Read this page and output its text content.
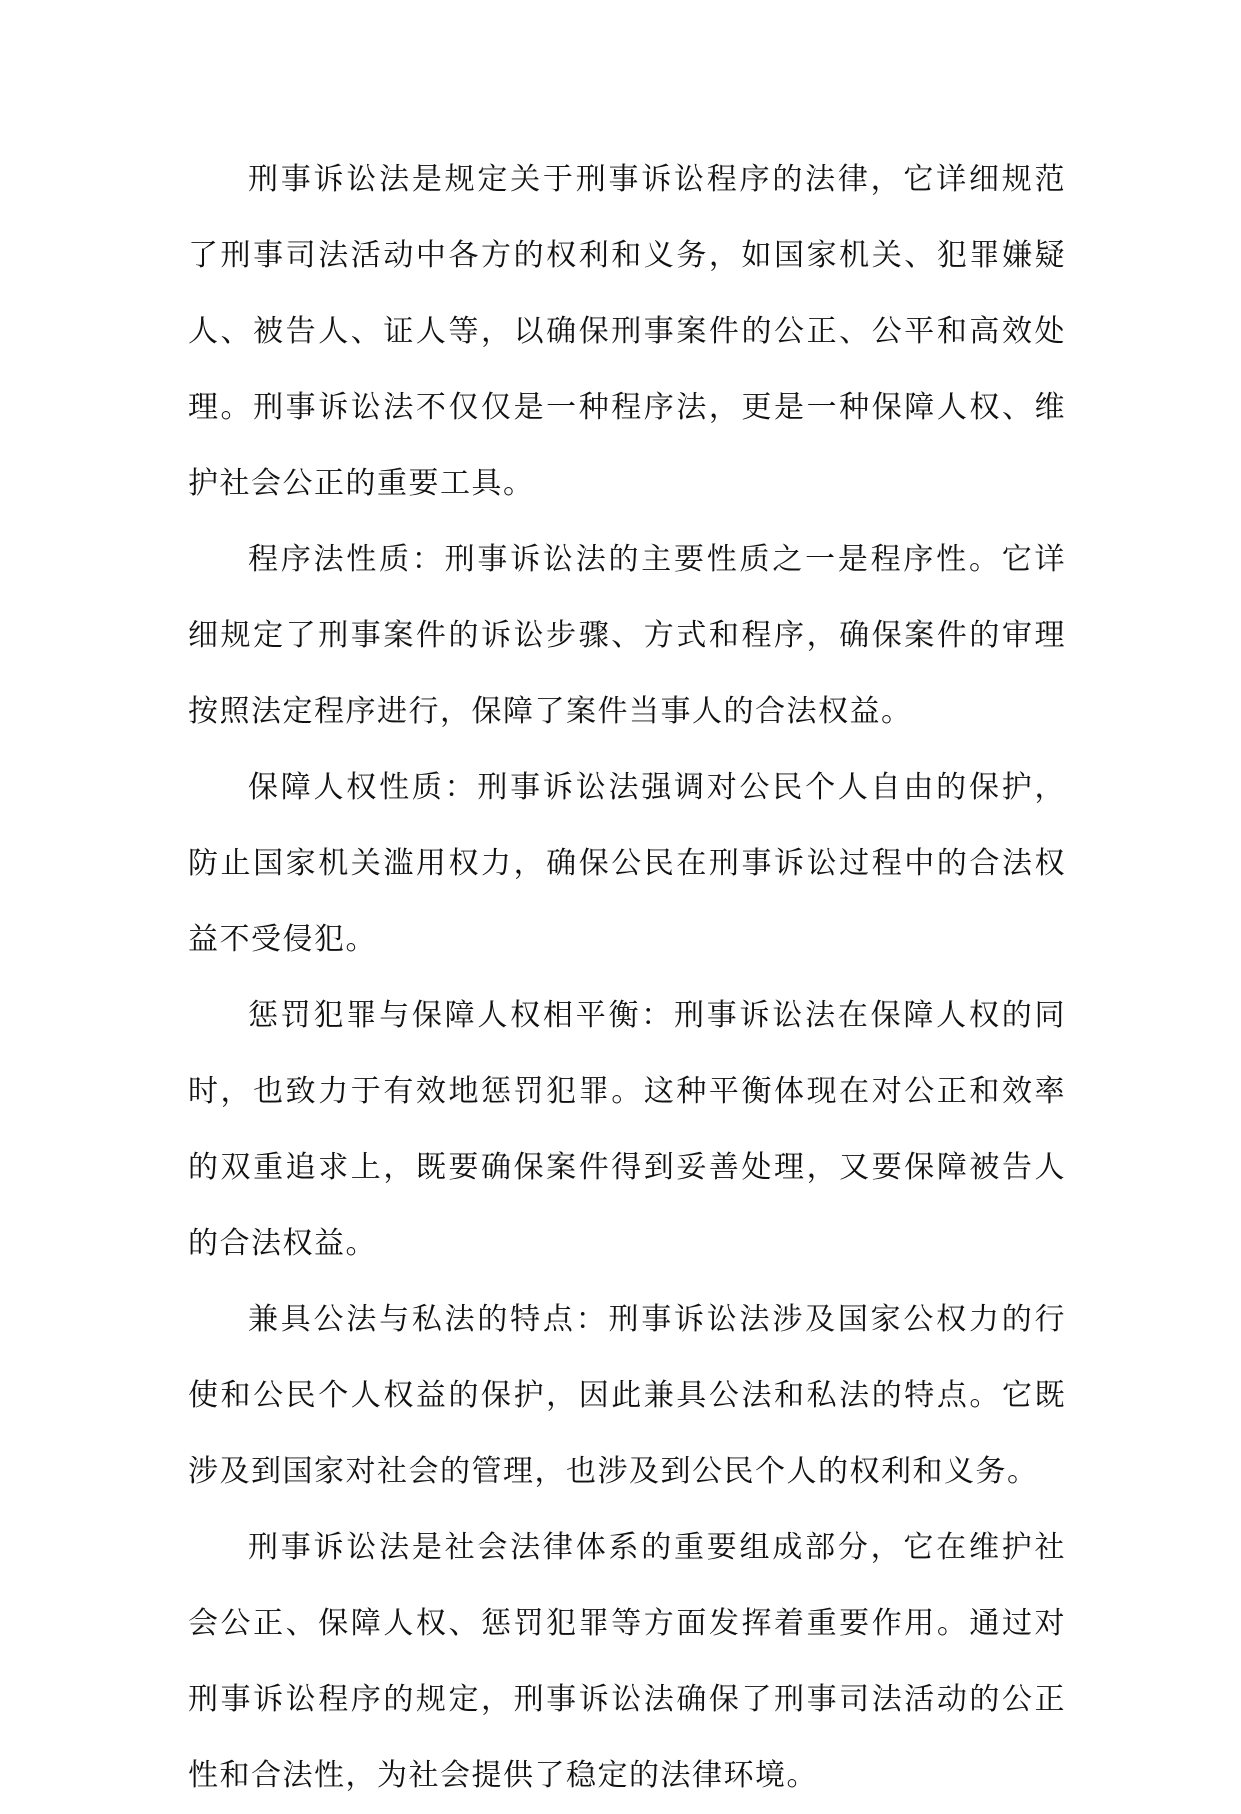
刑事诉讼法是规定关于刑事诉讼程序的法律，它详细规范了刑事司法活动中各方的权利和义务，如国家机关、犯罪嫌疑人、被告人、证人等，以确保刑事案件的公正、公平和高效处理。刑事诉讼法不仅仅是一种程序法，更是一种保障人权、维护社会公正的重要工具。

程序法性质：刑事诉讼法的主要性质之一是程序性。它详细规定了刑事案件的诉讼步骤、方式和程序，确保案件的审理按照法定程序进行，保障了案件当事人的合法权益。

保障人权性质：刑事诉讼法强调对公民个人自由的保护，防止国家机关滥用权力，确保公民在刑事诉讼过程中的合法权益不受侵犯。

惩罚犯罪与保障人权相平衡：刑事诉讼法在保障人权的同时，也致力于有效地惩罚犯罪。这种平衡体现在对公正和效率的双重追求上，既要确保案件得到妥善处理，又要保障被告人的合法权益。

兼具公法与私法的特点：刑事诉讼法涉及国家公权力的行使和公民个人权益的保护，因此兼具公法和私法的特点。它既涉及到国家对社会的管理，也涉及到公民个人的权利和义务。

刑事诉讼法是社会法律体系的重要组成部分，它在维护社会公正、保障人权、惩罚犯罪等方面发挥着重要作用。通过对刑事诉讼程序的规定，刑事诉讼法确保了刑事司法活动的公正性和合法性，为社会提供了稳定的法律环境。
